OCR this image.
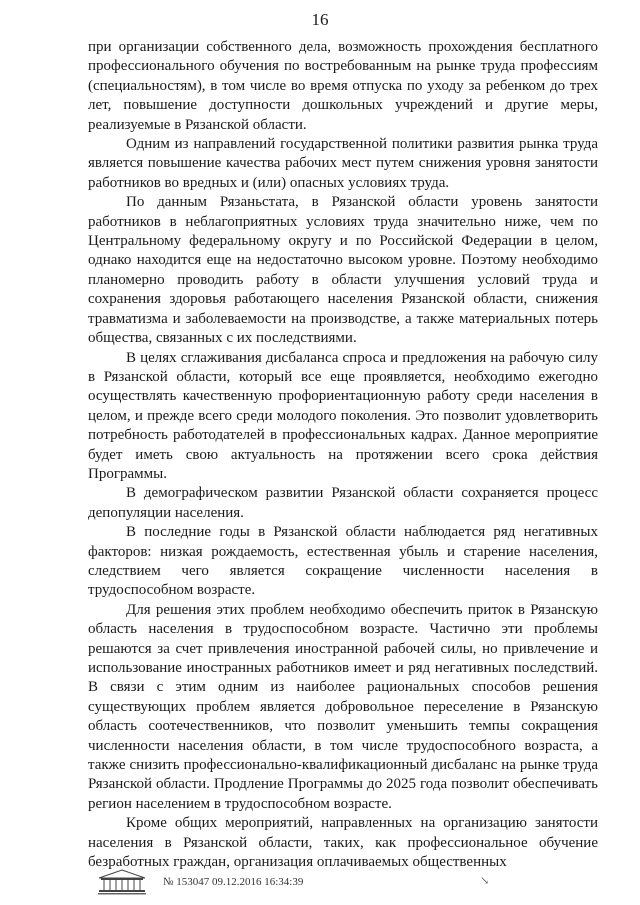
16

при организации собственного дела, возможность прохождения бесплатного профессионального обучения по востребованным на рынке труда профессиям (специальностям), в том числе во время отпуска по уходу за ребенком до трех лет, повышение доступности дошкольных учреждений и другие меры, реализуемые в Рязанской области.

Одним из направлений государственной политики развития рынка труда является повышение качества рабочих мест путем снижения уровня занятости работников во вредных и (или) опасных условиях труда.

По данным Рязаньстата, в Рязанской области уровень занятости работников в неблагоприятных условиях труда значительно ниже, чем по Центральному федеральному округу и по Российской Федерации в целом, однако находится еще на недостаточно высоком уровне. Поэтому необходимо планомерно проводить работу в области улучшения условий труда и сохранения здоровья работающего населения Рязанской области, снижения травматизма и заболеваемости на производстве, а также материальных потерь общества, связанных с их последствиями.

В целях сглаживания дисбаланса спроса и предложения на рабочую силу в Рязанской области, который все еще проявляется, необходимо ежегодно осуществлять качественную профориентационную работу среди населения в целом, и прежде всего среди молодого поколения. Это позволит удовлетворить потребность работодателей в профессиональных кадрах. Данное мероприятие будет иметь свою актуальность на протяжении всего срока действия Программы.

В демографическом развитии Рязанской области сохраняется процесс депопуляции населения.

В последние годы в Рязанской области наблюдается ряд негативных факторов: низкая рождаемость, естественная убыль и старение населения, следствием чего является сокращение численности населения в трудоспособном возрасте.

Для решения этих проблем необходимо обеспечить приток в Рязанскую область населения в трудоспособном возрасте. Частично эти проблемы решаются за счет привлечения иностранной рабочей силы, но привлечение и использование иностранных работников имеет и ряд негативных последствий. В связи с этим одним из наиболее рациональных способов решения существующих проблем является добровольное переселение в Рязанскую область соотечественников, что позволит уменьшить темпы сокращения численности населения области, в том числе трудоспособного возраста, а также снизить профессионально-квалификационный дисбаланс на рынке труда Рязанской области. Продление Программы до 2025 года позволит обеспечивать регион населением в трудоспособном возрасте.

Кроме общих мероприятий, направленных на организацию занятости населения в Рязанской области, таких, как профессиональное обучение безработных граждан, организация оплачиваемых общественных

№ 153047 09.12.2016 16:34:39	↘
